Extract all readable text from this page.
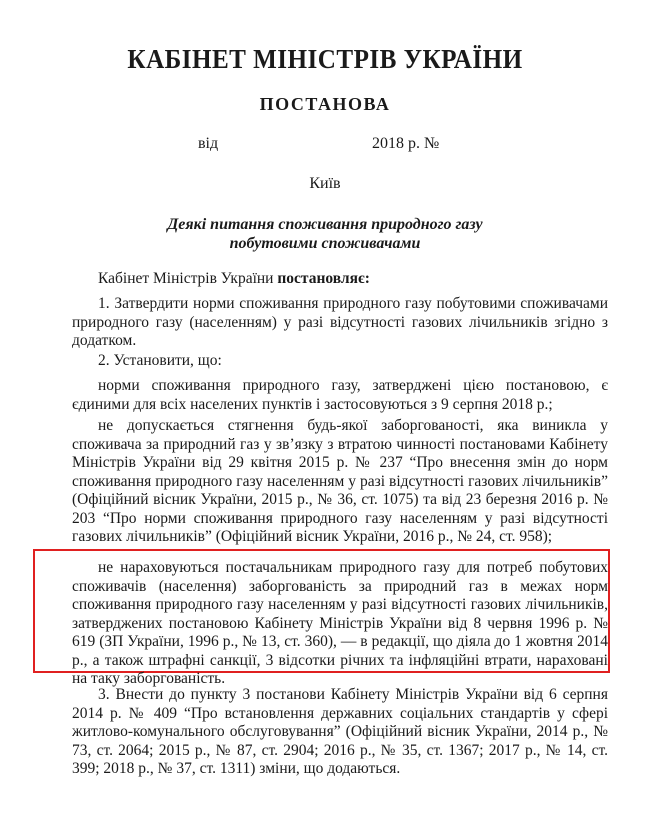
КАБІНЕТ МІНІСТРІВ УКРАЇНИ
ПОСТАНОВА
від	2018 р. №
Київ
Деякі питання споживання природного газу
побутовими споживачами
Кабінет Міністрів України постановляє:
1. Затвердити норми споживання природного газу побутовими споживачами природного газу (населенням) у разі відсутності газових лічильників згідно з додатком.
2. Установити, що:
норми споживання природного газу, затверджені цією постановою, є єдиними для всіх населених пунктів і застосовуються з 9 серпня 2018 р.;
не допускається стягнення будь-якої заборгованості, яка виникла у споживача за природний газ у зв’язку з втратою чинності постановами Кабінету Міністрів України від 29 квітня 2015 р. № 237 “Про внесення змін до норм споживання природного газу населенням у разі відсутності газових лічильників” (Офіційний вісник України, 2015 р., № 36, ст. 1075) та від 23 березня 2016 р. № 203 “Про норми споживання природного газу населенням у разі відсутності газових лічильників” (Офіційний вісник України, 2016 р., № 24, ст. 958);
не нараховуються постачальникам природного газу для потреб побутових споживачів (населення) заборгованість за природний газ в межах норм споживання природного газу населенням у разі відсутності газових лічильників, затверджених постановою Кабінету Міністрів України від 8 червня 1996 р. № 619 (ЗП України, 1996 р., № 13, ст. 360), — в редакції, що діяла до 1 жовтня 2014 р., а також штрафні санкції, 3 відсотки річних та інфляційні втрати, нараховані на таку заборгованість.
3. Внести до пункту 3 постанови Кабінету Міністрів України від 6 серпня 2014 р. № 409 “Про встановлення державних соціальних стандартів у сфері житлово-комунального обслуговування” (Офіційний вісник України, 2014 р., № 73, ст. 2064; 2015 р., № 87, ст. 2904; 2016 р., № 35, ст. 1367; 2017 р., № 14, ст. 399; 2018 р., № 37, ст. 1311) зміни, що додаються.
